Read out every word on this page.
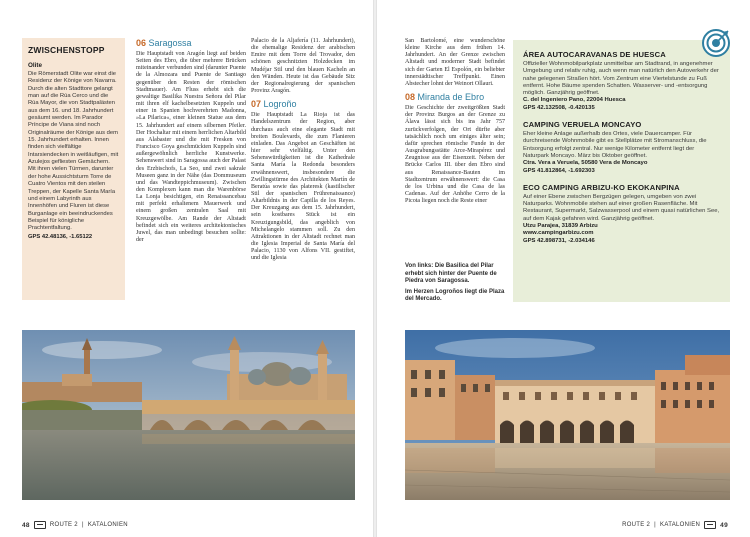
ZWISCHENSTOPP
Olite
Die Römerstadt Olite war einst die Residenz der Könige von Navarra. Durch die alten Stadttore gelangt man auf die Rúa Cerco und die Rúa Mayor, die von Stadtpalästen aus dem 16. und 18. Jahrhundert gesäumt werden. Im Parador Príncipe de Viana sind noch Originalräume der Könige aus dem 15. Jahrhundert erhalten. Innen finden sich vielfältige Intarsiendecken in weitläufigen, mit Azulejos gefliesten Gemächern. Mit ihren vielen Türmen, darunter der hohe Aussichtsturm Torre de Cuatro Vientos mit den steilen Treppen, der Kapelle Santa María und einem Labyrinth aus Innenhöfen und Fluren ist diese Burganlage ein beeindruckendes Beispiel für königliche Prachtentfaltung.
GPS 42.48136, -1.65122
06 Saragossa
Die Hauptstadt von Aragón liegt auf beiden Seiten des Ebro, die über mehrere Brücken miteinander verbunden sind (darunter Puente de la Almozara und Puente de Santiago gegenüber den Resten der römischen Stadtmauer). Am Fluss erhebt sich die gewaltige Basilika Nuestra Señora del Pilar mit ihren elf kachelbesetzten Kuppeln und einer in Spanien hochverehrten Madonna, »La Pilarica«, einer kleinen Statue aus dem 15. Jahrhundert auf einem silbernen Pfeiler. Der Hochaltar mit einem herrlichen Altarbild aus Alabaster und die mit Fresken von Francisco Goya geschmückten Kuppeln sind außergewöhnlich herrliche Kunstwerke. Sehenswert sind in Saragossa auch der Palast des Erzbischofs, La Seo, und zwei sakrale Museen ganz in der Nähe (das Dommuseum und das Wandteppichmuseum). Zwischen den Komplexen kann man die Warenbörse La Lonja besichtigen, ein Renaissancebau mit perfekt erhaltenem Mauerwerk und einem großen zentralen Saal mit Kreuzgewölbe. Am Rande der Altstadt befindet sich ein weiteres architektonisches Juwel, das man unbedingt besuchen sollte: der
Palacio de la Aljafería (11. Jahrhundert), die ehemalige Residenz der arabischen Emire mit dem Torre del Trovador, den schönen geschnitzten Holzdecken im Mudéjar Stil und den blauen Kacheln an den Wänden. Heute ist das Gebäude Sitz der Regionalregierung der spanischen Provinz Aragón.
07 Logroño
Die Hauptstadt La Rioja ist das Handelszentrum der Region, aber durchaus auch eine elegante Stadt mit breiten Boulevards, die zum Flanieren einladen. Das Angebot an Geschäften ist hier sehr vielfältig. Unter den Sehenswürdigkeiten ist die Kathedrale Santa María la Redonda besonders erwähnenswert, insbesondere die Zwillingstürme des Architekten Martín de Beratúa sowie das plateresk (kastilischer Stil der spanischen Frührenaissance) Altarbildnis in der Capilla de los Reyes. Der Kreuzgang aus dem 15. Jahrhundert, sein kostbares Stück ist ein Kreuzigungsbild, das angeblich von Michelangelo stammen soll. Zu den Attraktionen in der Altstadt rechnet man die Iglesia Imperial de Santa María del Palacio, 1130 von Alfons VII. gestiftet, und die Iglesia
48	ROUTE 2 | KATALONIEN
San Bartolomé, eine wunderschöne kleine Kirche aus dem frühen 14. Jahrhundert. An der Grenze zwischen Altstadt und moderner Stadt befindet sich der Garten El Espolón, ein beliebter innerstädtischer Treffpunkt. Einen Abstecher lohnt der Weinort Ollauri.
08 Miranda de Ebro
Die Geschichte der zweitgrößten Stadt der Provinz Burgos an der Grenze zu Álava lässt sich bis ins Jahr 757 zurückverfolgen, der Ort dürfte aber tatsächlich noch um einiges älter sein; dafür sprechen römische Funde in der Ausgrabungsstätte Arce-Mirapérez und Zeugnisse aus der Eisenzeit. Neben der Brücke Carlos III. über den Ebro sind aus Renaissance-Bauten im Stadtzentrum erwähnenswert: die Casa de los Urbina und die Casa de las Cadenas. Auf der Anhöhe Cerro de la Picota liegen noch die Reste einer
Von links: Die Basilica del Pilar erhebt sich hinter der Puente de Piedra von Saragossa.
Im Herzen Logroños liegt die Plaza del Mercado.
ÁREA AUTOCARAVANAS DE HUESCA
Offizieller Wohnmobilparkplatz unmittelbar am Stadtrand, in angenehmer Umgebung und relativ ruhig, auch wenn man natürlich den Autoverkehr der nahe gelegenen Straßen hört. Vom Zentrum eine Viertelstunde zu Fuß entfernt. Hohe Bäume spenden Schatten. Wasserver- und -entsorgung möglich. Ganzjährig geöffnet.
C. del Ingeniero Pano, 22004 Huesca
GPS 42.132508, -0.420135
CAMPING VERUELA MONCAYO
Eher kleine Anlage außerhalb des Ortes, viele Dauercamper. Für durchreisende Wohnmobile gibt es Stellplätze mit Stromanschluss, die Entsorgung erfolgt zentral. Nur wenige Kilometer entfernt liegt der Naturpark Moncayo. März bis Oktober geöffnet.
Ctra. Vera a Veruela, 50580 Vera de Moncayo
GPS 41.812864, -1.692303
ECO CAMPING ARBIZU-KO EKOKANPINA
Auf einer Ebene zwischen Bergzügen gelegen, umgeben von zwei Naturparks. Wohnmobile stehen auf einer großen Rasenfläche. Mit Restaurant, Supermarkt, Salzwasserpool und einem quasi natürlichen See, auf dem Kajak gefahren wird. Ganzjährig geöffnet.
Utzu Parajea, 31839 Arbizu
www.campingarbizu.com
GPS 42.898731, -2.034146
ROUTE 2 | KATALONIEN	49
